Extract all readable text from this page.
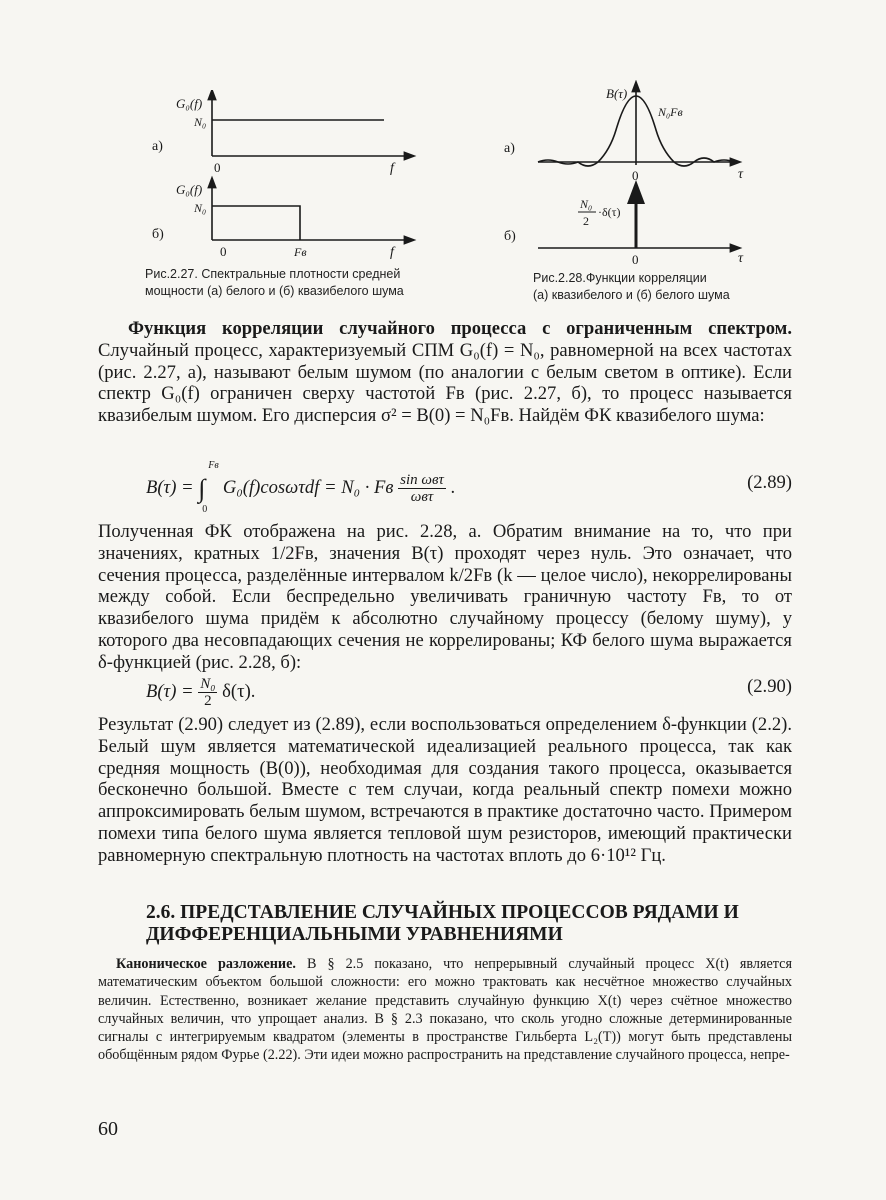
а)
G₀(f)
N₀
0	f
б)
G₀(f)
N₀
0	Fв	f
Рис.2.27. Спектральные плотности средней
мощности (а) белого и (б) квазибелого шума
а)
B(τ)
N₀Fв
0	τ
б)
N₀
2
·δ(τ)
0	τ
Рис.2.28.Функции корреляции
(а) квазибелого и (б) белого шума

Функция корреляции случайного процесса с ограниченным спектром. Случайный процесс, характеризуемый СПМ G₀(f) = N₀, равномерной на всех частотах (рис. 2.27, а), называют белым шумом (по аналогии с белым светом в оптике). Если спектр G₀(f) ограничен сверху частотой Fв (рис. 2.27, б), то процесс называется квазибелым шумом. Его дисперсия σ² = B(0) = N₀Fв. Найдём ФК квазибелого шума:

B(τ) = ∫
Fв
0
G₀(f)cosωτdf = N₀ · Fв $\frac{\text{sin ωвτ}}{\text{ωвτ}}$ .	(2.89)

Полученная ФК отображена на рис. 2.28, а. Обратим внимание на то, что при значениях, кратных 1/2Fв, значения B(τ) проходят через нуль. Это означает, что сечения процесса, разделённые интервалом k/2Fв (k — целое число), некоррелированы между собой. Если беспредельно увеличивать граничную частоту Fв, то от квазибелого шума придём к абсолютно случайному процессу (белому шуму), у которого два несовпадающих сечения не коррелированы; КФ белого шума выражается δ-функцией (рис. 2.28, б):

$B(\tau) = \frac{\text{N₀}}{2} \delta(\tau)$.	(2.90)

Результат (2.90) следует из (2.89), если воспользоваться определением δ-функции (2.2). Белый шум является математической идеализацией реального процесса, так как средняя мощность (B(0)), необходимая для создания такого процесса, оказывается бесконечно большой. Вместе с тем случаи, когда реальный спектр помехи можно аппроксимировать белым шумом, встречаются в практике достаточно часто. Примером помехи типа белого шума является тепловой шум резисторов, имеющий практически равномерную спектральную плотность на частотах вплоть до 6·10¹² Гц.

2.6. ПРЕДСТАВЛЕНИЕ СЛУЧАЙНЫХ ПРОЦЕССОВ РЯДАМИ И ДИФФЕРЕНЦИАЛЬНЫМИ УРАВНЕНИЯМИ

Каноническое разложение. В § 2.5 показано, что непрерывный случайный процесс X(t) является математическим объектом большой сложности: его можно трактовать как несчётное множество случайных величин. Естественно, возникает желание представить случайную функцию X(t) через счётное множество случайных величин, что упрощает анализ. В § 2.3 показано, что сколь угодно сложные детерминированные сигналы с интегрируемым квадратом (элементы в пространстве Гильберта L₂(T)) могут быть представлены обобщённым рядом Фурье (2.22). Эти идеи можно распространить на представление случайного процесса, непре-

60
